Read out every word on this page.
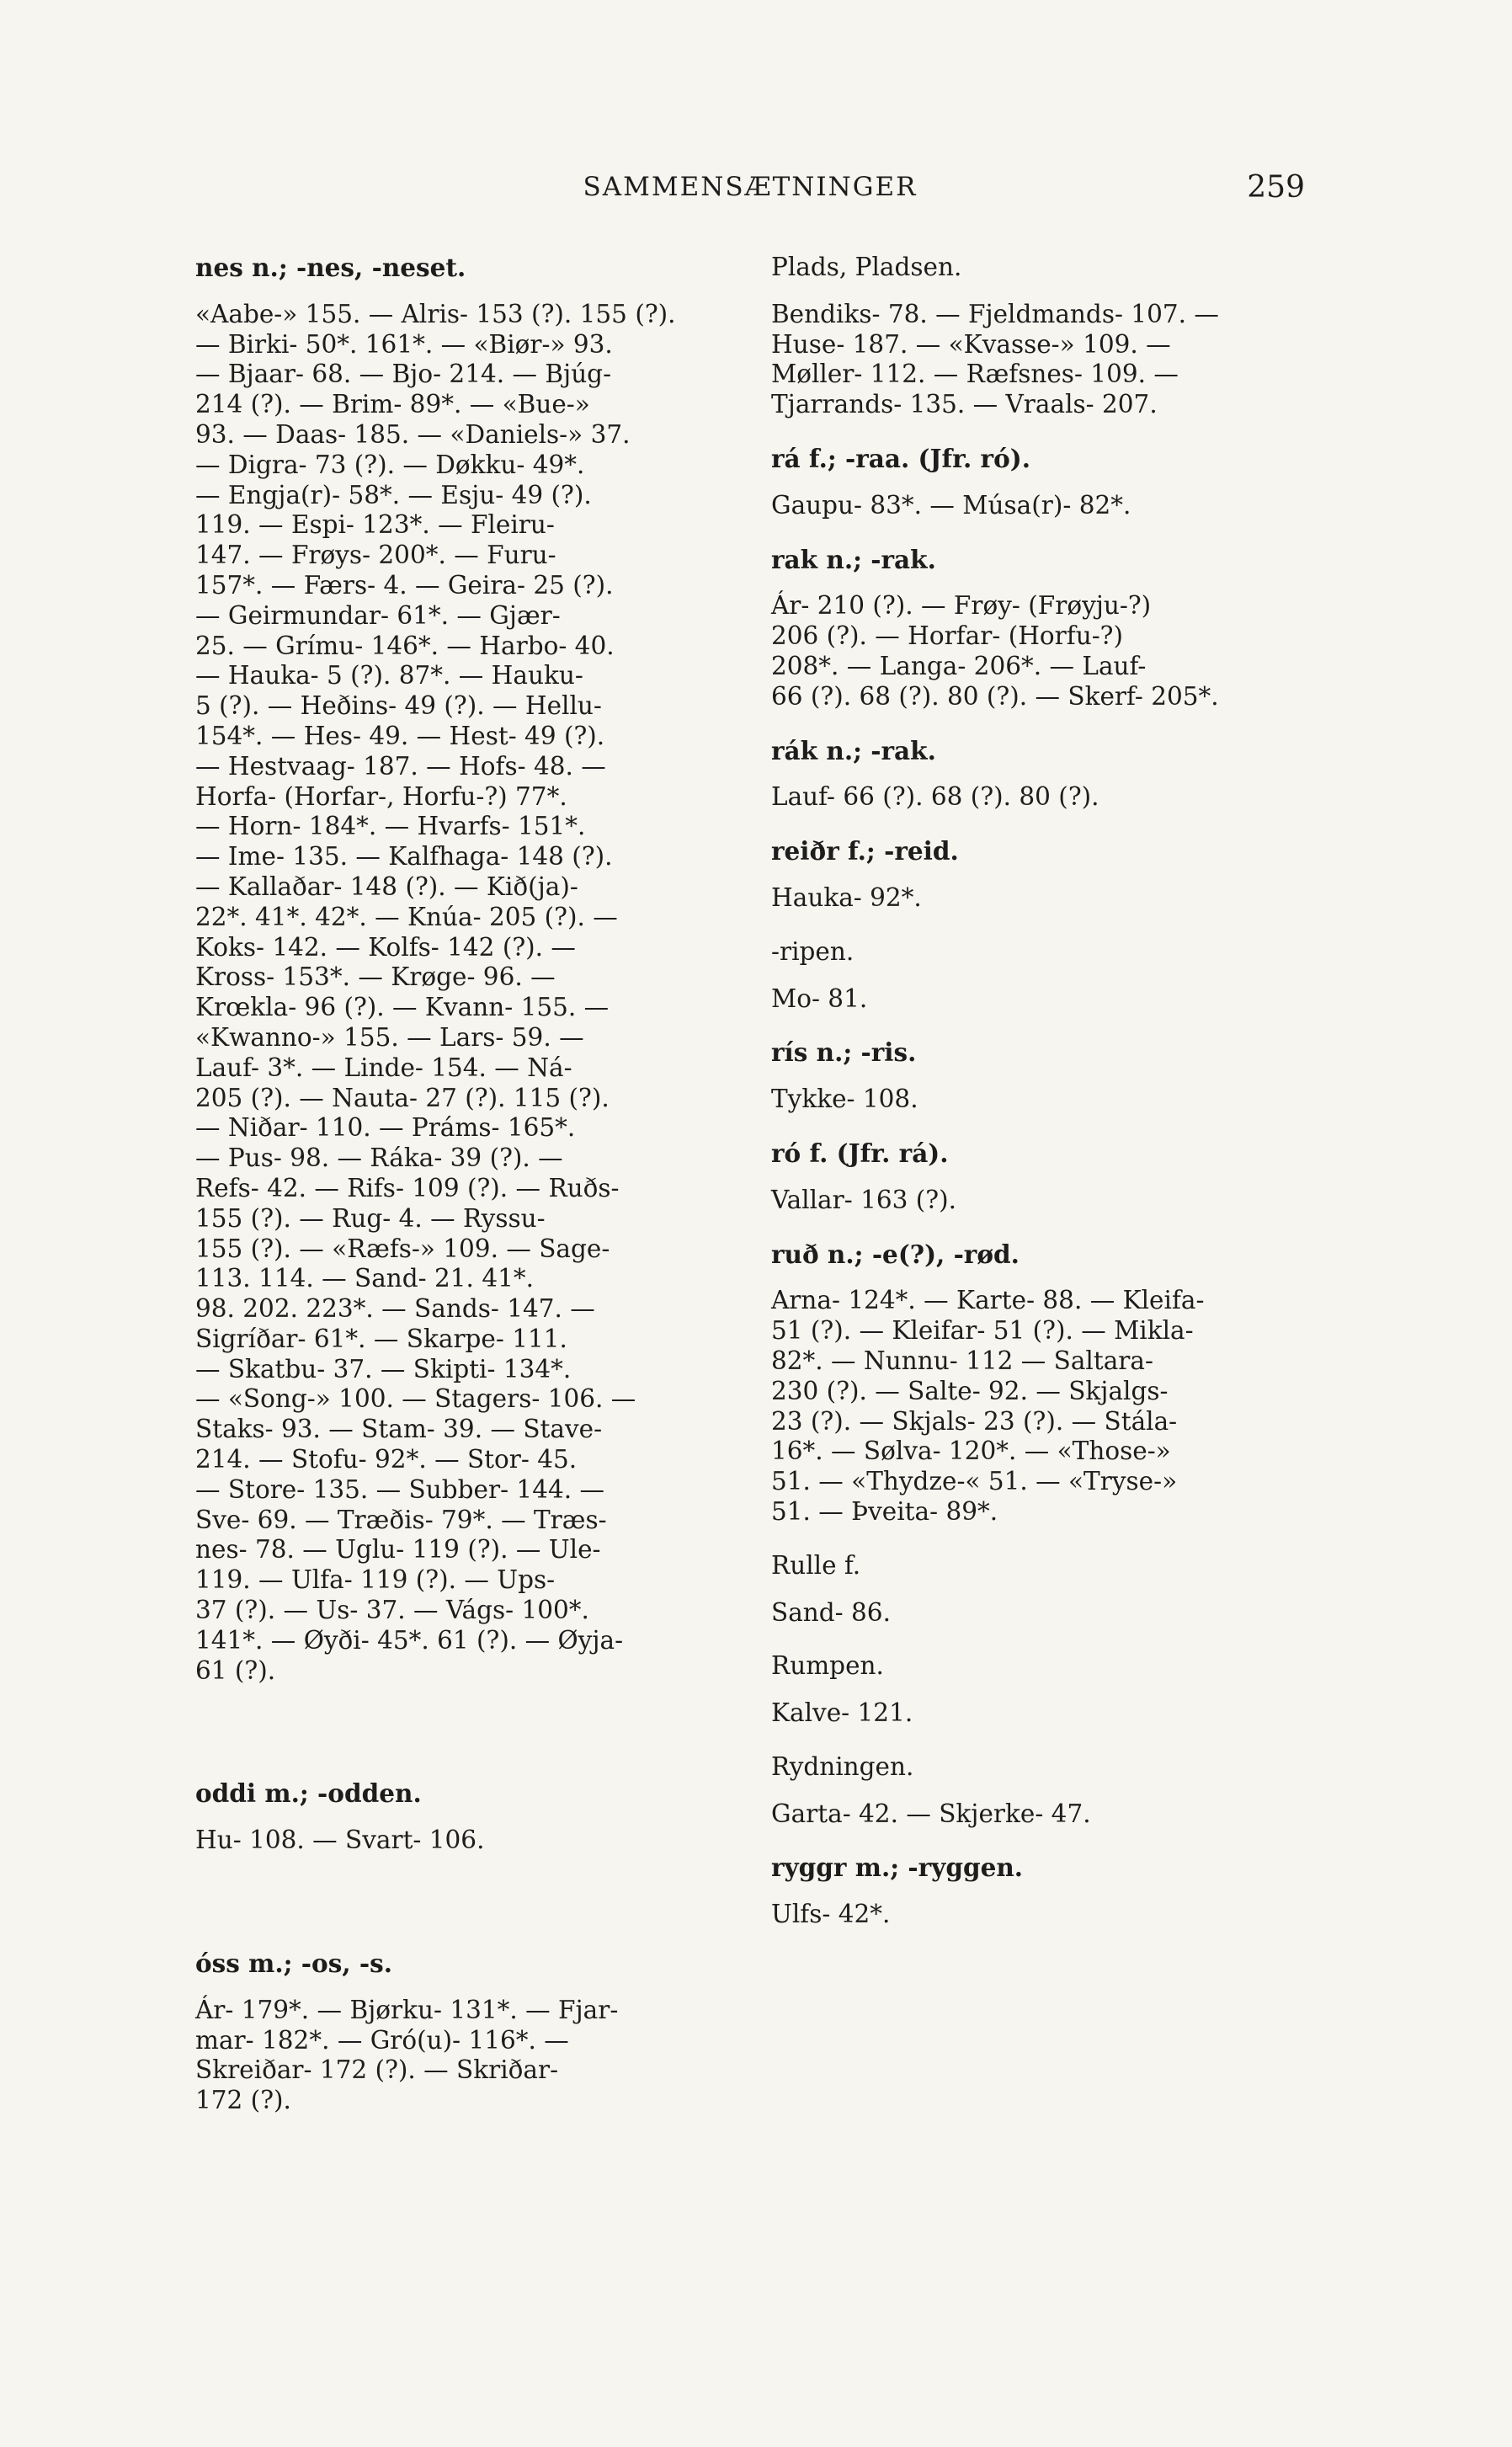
SAMMENSÆTNINGER	259

nes n.; -nes, -neset.

«Aabe-» 155. — Alris- 153 (?). 155 (?).

— Birki- 50*. 161*. — «Biør-» 93.

— Bjaar- 68. — Bjo- 214. — Bjúg-

214 (?). — Brim- 89*. — «Bue-»

93. — Daas- 185. — «Daniels-» 37.

— Digra- 73 (?). — Døkku- 49*.

— Engja(r)- 58*. — Esju- 49 (?).

119. — Espi- 123*. — Fleiru-

147. — Frøys- 200*. — Furu-

157*. — Færs- 4. — Geira- 25 (?).

— Geirmundar- 61*. — Gjær-

25. — Grímu- 146*. — Harbo- 40.

— Hauka- 5 (?). 87*. — Hauku-

5 (?). — Heðins- 49 (?). — Hellu-

154*. — Hes- 49. — Hest- 49 (?).

— Hestvaag- 187. — Hofs- 48. —

Horfa- (Horfar-, Horfu-?) 77*.

— Horn- 184*. — Hvarfs- 151*.

— Ime- 135. — Kalfhaga- 148 (?).

— Kallaðar- 148 (?). — Kið(ja)-

22*. 41*. 42*. — Knúa- 205 (?). —

Koks- 142. — Kolfs- 142 (?). —

Kross- 153*. — Krøge- 96. —

Krœkla- 96 (?). — Kvann- 155. —

«Kwanno-» 155. — Lars- 59. —

Lauf- 3*. — Linde- 154. — Ná-

205 (?). — Nauta- 27 (?). 115 (?).

— Niðar- 110. — Práms- 165*.

— Pus- 98. — Ráka- 39 (?). —

Refs- 42. — Rifs- 109 (?). — Ruðs-

155 (?). — Rug- 4. — Ryssu-

155 (?). — «Ræfs-» 109. — Sage-

113. 114. — Sand- 21. 41*.

98. 202. 223*. — Sands- 147. —

Sigríðar- 61*. — Skarpe- 111.

— Skatbu- 37. — Skipti- 134*.

— «Song-» 100. — Stagers- 106. —

Staks- 93. — Stam- 39. — Stave-

214. — Stofu- 92*. — Stor- 45.

— Store- 135. — Subber- 144. —

Sve- 69. — Træðis- 79*. — Træs-

nes- 78. — Uglu- 119 (?). — Ule-

119. — Ulfa- 119 (?). — Ups-

37 (?). — Us- 37. — Vágs- 100*.

141*. — Øyði- 45*. 61 (?). — Øyja-

61 (?).

oddi m.; -odden.

Hu- 108. — Svart- 106.

óss m.; -os, -s.

Ár- 179*. — Bjørku- 131*. — Fjar-

mar- 182*. — Gró(u)- 116*. —

Skreiðar- 172 (?). — Skriðar-

172 (?).

Plads, Pladsen.

Bendiks- 78. — Fjeldmands- 107. —

Huse- 187. — «Kvasse-» 109. —

Møller- 112. — Ræfsnes- 109. —

Tjarrands- 135. — Vraals- 207.

rá f.; -raa. (Jfr. ró).

Gaupu- 83*. — Músa(r)- 82*.

rak n.; -rak.

Ár- 210 (?). — Frøy- (Frøyju-?)

206 (?). — Horfar- (Horfu-?)

208*. — Langa- 206*. — Lauf-

66 (?). 68 (?). 80 (?). — Skerf- 205*.

rák n.; -rak.

Lauf- 66 (?). 68 (?). 80 (?).

reiðr f.; -reid.

Hauka- 92*.

-ripen.

Mo- 81.

rís n.; -ris.

Tykke- 108.

ró f. (Jfr. rá).

Vallar- 163 (?).

ruð n.; -e(?), -rød.

Arna- 124*. — Karte- 88. — Kleifa-

51 (?). — Kleifar- 51 (?). — Mikla-

82*. — Nunnu- 112 — Saltara-

230 (?). — Salte- 92. — Skjalgs-

23 (?). — Skjals- 23 (?). — Stála-

16*. — Sølva- 120*. — «Those-»

51. — «Thydze-« 51. — «Tryse-»

51. — Þveita- 89*.

Rulle f.

Sand- 86.

Rumpen.

Kalve- 121.

Rydningen.

Garta- 42. — Skjerke- 47.

ryggr m.; -ryggen.

Ulfs- 42*.
